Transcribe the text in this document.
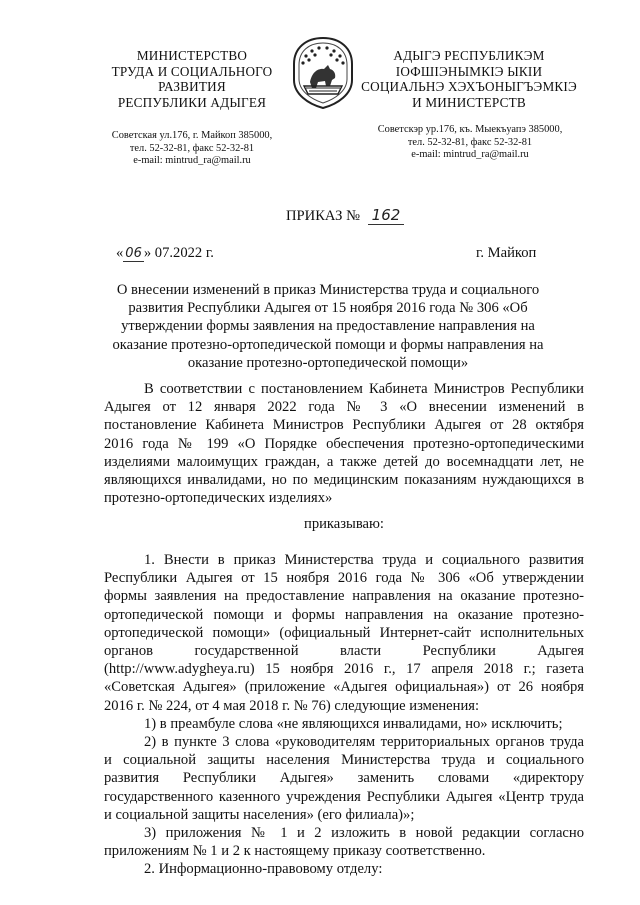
МИНИСТЕРСТВО
ТРУДА И СОЦИАЛЬНОГО
РАЗВИТИЯ
РЕСПУБЛИКИ АДЫГЕЯ
Советская ул.176, г. Майкоп 385000,
тел. 52-32-81, факс 52-32-81
e-mail: mintrud_ra@mail.ru
АДЫГЭ РЕСПУБЛИКЭМ
IОФШIЭНЫМКIЭ ЫКIИ
СОЦИАЛЬНЭ ХЭХЪОНЫГЪЭМКIЭ
И МИНИСТЕРСТВ
Советскэр ур.176, къ. Мыекъуапэ 385000,
тел. 52-32-81, факс 52-32-81
e-mail: mintrud_ra@mail.ru
ПРИКАЗ № 162
« 06 » 07.2022 г.	г. Майкоп
О внесении изменений в приказ Министерства труда и социального
развития Республики Адыгея от 15 ноября 2016 года № 306 «Об
утверждении формы заявления на предоставление направления на
оказание протезно-ортопедической помощи и формы направления на
оказание протезно-ортопедической помощи»
В соответствии с постановлением Кабинета Министров Республики
Адыгея от 12 января 2022 года № 3 «О внесении изменений в
постановление Кабинета Министров Республики Адыгея от 28 октября
2016 года № 199 «О Порядке обеспечения протезно-ортопедическими
изделиями малоимущих граждан, а также детей до восемнадцати лет, не
являющихся инвалидами, но по медицинским показаниям нуждающихся в
протезно-ортопедических изделиях»
приказываю:
1. Внести в приказ Министерства труда и социального развития
Республики Адыгея от 15 ноября 2016 года № 306 «Об утверждении
формы заявления на предоставление направления на оказание протезно-
ортопедической помощи и формы направления на оказание протезно-
ортопедической помощи» (официальный Интернет-сайт исполнительных
органов государственной власти Республики Адыгея
(http://www.adygheya.ru) 15 ноября 2016 г., 17 апреля 2018 г.; газета
«Советская Адыгея» (приложение «Адыгея официальная») от 26 ноября
2016 г. № 224, от 4 мая 2018 г. № 76) следующие изменения:
1) в преамбуле слова «не являющихся инвалидами, но» исключить;
2) в пункте 3 слова «руководителям территориальных органов труда
и социальной защиты населения Министерства труда и социального
развития Республики Адыгея» заменить словами «директору
государственного казенного учреждения Республики Адыгея «Центр труда
и социальной защиты населения» (его филиала)»;
3) приложения № 1 и 2 изложить в новой редакции согласно
приложениям № 1 и 2 к настоящему приказу соответственно.
2. Информационно-правовому отделу:
